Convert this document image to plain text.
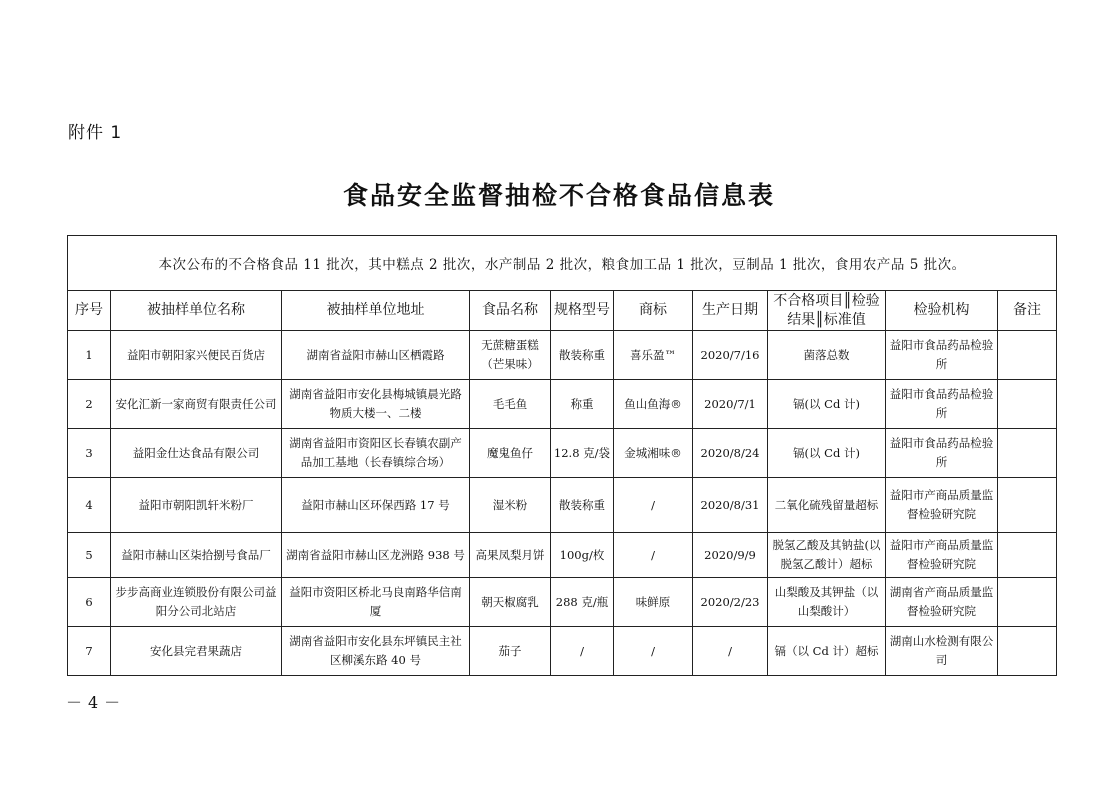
附件 1
食品安全监督抽检不合格食品信息表
本次公布的不合格食品 11 批次，其中糕点 2 批次，水产制品 2 批次，粮食加工品 1 批次，豆制品 1 批次，食用农产品 5 批次。									
序号	被抽样单位名称	被抽样单位地址	食品名称	规格型号	商标	生产日期	不合格项目║检验结果║标准值	检验机构	备注
1	益阳市朝阳家兴便民百货店	湖南省益阳市赫山区栖霞路	无蔗糖蛋糕（芒果味）	散装称重	喜乐盈™	2020/7/16	菌落总数	益阳市食品药品检验所	
2	安化汇新一家商贸有限责任公司	湖南省益阳市安化县梅城镇晨光路物质大楼一、二楼	毛毛鱼	称重	鱼山鱼海®	2020/7/1	镉(以 Cd 计)	益阳市食品药品检验所	
3	益阳金仕达食品有限公司	湖南省益阳市资阳区长春镇农副产品加工基地（长春镇综合场）	魔鬼鱼仔	12.8 克/袋	金城湘味®	2020/8/24	镉(以 Cd 计)	益阳市食品药品检验所	
4	益阳市朝阳凯轩米粉厂	益阳市赫山区环保西路 17 号	湿米粉	散装称重	/	2020/8/31	二氧化硫残留量超标	益阳市产商品质量监督检验研究院	
5	益阳市赫山区柒拾捌号食品厂	湖南省益阳市赫山区龙洲路 938 号	高果凤梨月饼	100g/枚	/	2020/9/9	脱氢乙酸及其钠盐(以脱氢乙酸计）超标	益阳市产商品质量监督检验研究院	
6	步步高商业连锁股份有限公司益阳分公司北站店	益阳市资阳区桥北马良南路华信南厦	朝天椒腐乳	288 克/瓶	味鲜原	2020/2/23	山梨酸及其钾盐（以山梨酸计）	湖南省产商品质量监督检验研究院	
7	安化县完君果蔬店	湖南省益阳市安化县东坪镇民主社区柳溪东路 40 号	茄子	/	/	/	镉（以 Cd 计）超标	湖南山水检测有限公司	
－4－
